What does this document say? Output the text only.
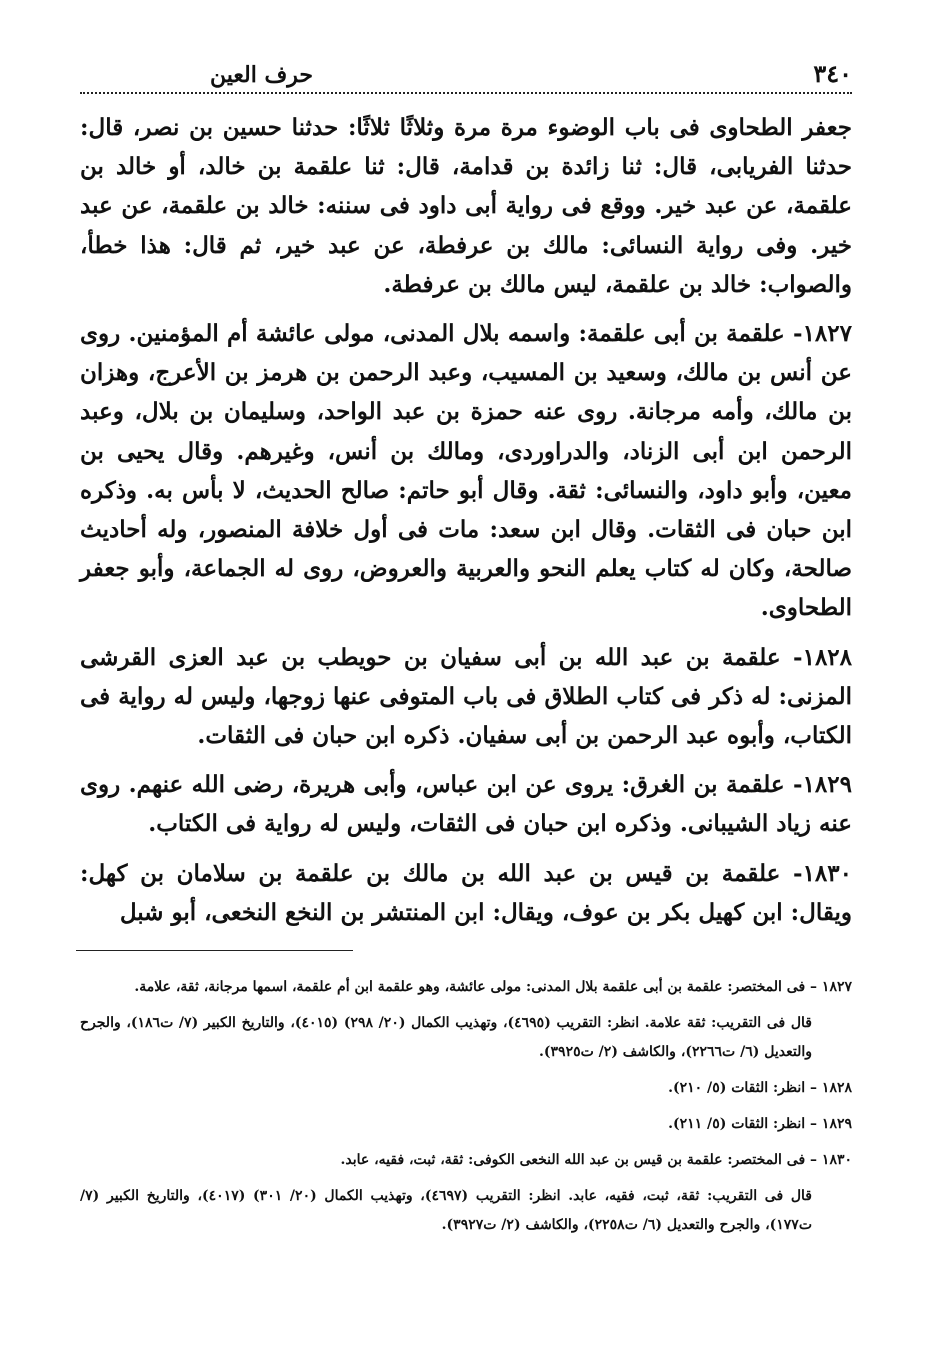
٣٤٠
حرف العين

جعفر الطحاوى فى باب الوضوء مرة مرة وثلاثًا ثلاثًا: حدثنا حسين بن نصر، قال: حدثنا الفريابى، قال: ثنا زائدة بن قدامة، قال: ثنا علقمة بن خالد، أو خالد بن علقمة، عن عبد خير. ووقع فى رواية أبى داود فى سننه: خالد بن علقمة، عن عبد خير. وفى رواية النسائى: مالك بن عرفطة، عن عبد خير، ثم قال: هذا خطأ، والصواب: خالد بن علقمة، ليس مالك بن عرفطة.

١٨٢٧- علقمة بن أبى علقمة: واسمه بلال المدنى، مولى عائشة أم المؤمنين. روى عن أنس بن مالك، وسعيد بن المسيب، وعبد الرحمن بن هرمز بن الأعرج، وهزان بن مالك، وأمه مرجانة. روى عنه حمزة بن عبد الواحد، وسليمان بن بلال، وعبد الرحمن ابن أبى الزناد، والدراوردى، ومالك بن أنس، وغيرهم. وقال يحيى بن معين، وأبو داود، والنسائى: ثقة. وقال أبو حاتم: صالح الحديث، لا بأس به. وذكره ابن حبان فى الثقات. وقال ابن سعد: مات فى أول خلافة المنصور، وله أحاديث صالحة، وكان له كتاب يعلم النحو والعربية والعروض، روى له الجماعة، وأبو جعفر الطحاوى.

١٨٢٨- علقمة بن عبد الله بن أبى سفيان بن حويطب بن عبد العزى القرشى المزنى: له ذكر فى كتاب الطلاق فى باب المتوفى عنها زوجها، وليس له رواية فى الكتاب، وأبوه عبد الرحمن بن أبى سفيان. ذكره ابن حبان فى الثقات.

١٨٢٩- علقمة بن الغرق: يروى عن ابن عباس، وأبى هريرة، رضى الله عنهم. روى عنه زياد الشيبانى. وذكره ابن حبان فى الثقات، وليس له رواية فى الكتاب.

١٨٣٠- علقمة بن قيس بن عبد الله بن مالك بن علقمة بن سلامان بن كهل: ويقال: ابن كهيل بكر بن عوف، ويقال: ابن المنتشر بن النخع النخعى، أبو شبل

١٨٢٧ – فى المختصر: علقمة بن أبى علقمة بلال المدنى: مولى عائشة، وهو علقمة ابن أم علقمة، اسمها مرجانة، ثقة، علامة.

قال فى التقريب: ثقة علامة. انظر: التقريب (٤٦٩٥)، وتهذيب الكمال (٢٠/ ٢٩٨) (٤٠١٥)، والتاريخ الكبير (٧/ ت١٨٦)، والجرح والتعديل (٦/ ت٢٢٦٦)، والكاشف (٢/ ت٣٩٢٥).

١٨٢٨ – انظر: الثقات (٥/ ٢١٠).

١٨٢٩ – انظر: الثقات (٥/ ٢١١).

١٨٣٠ – فى المختصر: علقمة بن قيس بن عبد الله النخعى الكوفى: ثقة، ثبت، فقيه، عابد.

قال فى التقريب: ثقة، ثبت، فقيه، عابد. انظر: التقريب (٤٦٩٧)، وتهذيب الكمال (٢٠/ ٣٠١) (٤٠١٧)، والتاريخ الكبير (٧/ ت١٧٧)، والجرح والتعديل (٦/ ت٢٢٥٨)، والكاشف (٢/ ت٣٩٢٧).
